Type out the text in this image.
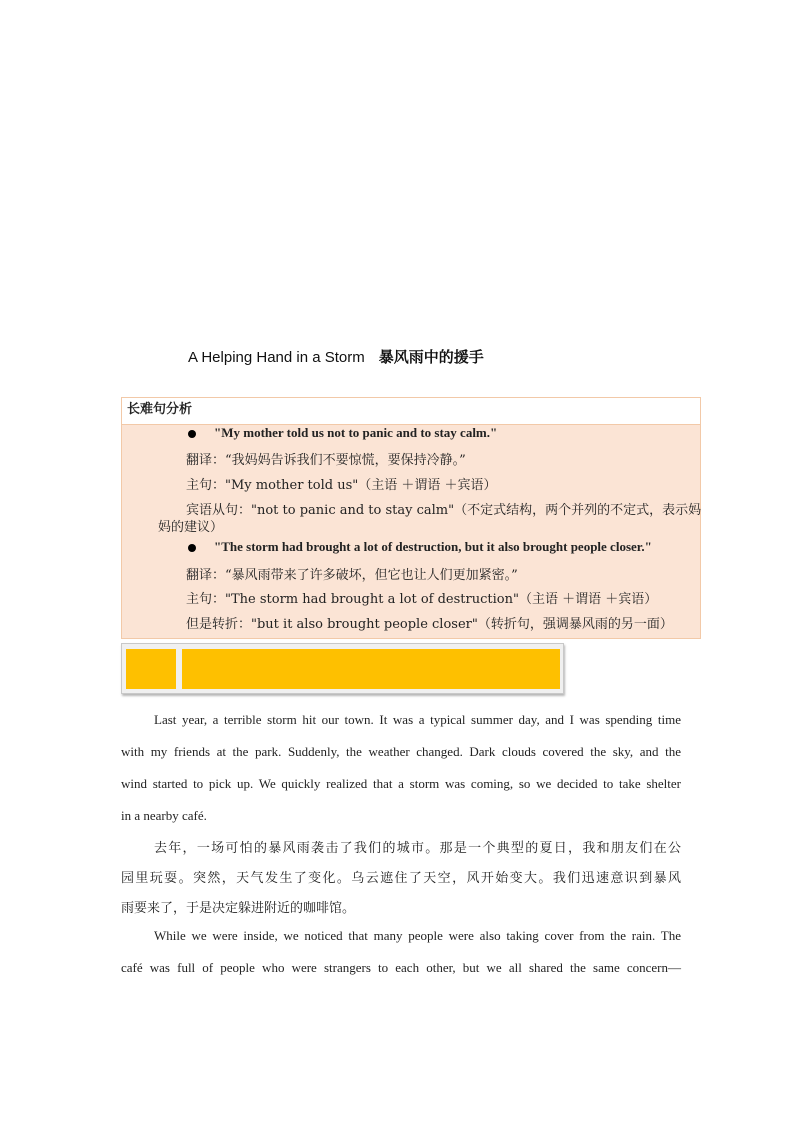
A Helping Hand in a Storm 暴风雨中的援手
长难句分析
"My mother told us not to panic and to stay calm."
翻译：“我妈妈告诉我们不要惊慌，要保持冷静。”
主句："My mother told us"（主语 ＋谓语 ＋宾语）
宾语从句："not to panic and to stay calm"（不定式结构，两个并列的不定式，表示妈
妈的建议）
"The storm had brought a lot of destruction, but it also brought people closer."
翻译：“暴风雨带来了许多破坏，但它也让人们更加紧密。”
主句："The storm had brought a lot of destruction"（主语 ＋谓语 ＋宾语）
但是转折："but it also brought people closer"（转折句，强调暴风雨的另一面）
Last year, a terrible storm hit our town. It was a typical summer day, and I was spending time
with my friends at the park. Suddenly, the weather changed. Dark clouds covered the sky, and the
wind started to pick up. We quickly realized that a storm was coming, so we decided to take shelter
in a nearby café.
去年，一场可怕的暴风雨袭击了我们的城市。那是一个典型的夏日，我和朋友们在公
园里玩耍。突然，天气发生了变化。乌云遮住了天空，风开始变大。我们迅速意识到暴风
雨要来了，于是决定躲进附近的咖啡馆。
While we were inside, we noticed that many people were also taking cover from the rain. The
café was full of people who were strangers to each other, but we all shared the same concern—
